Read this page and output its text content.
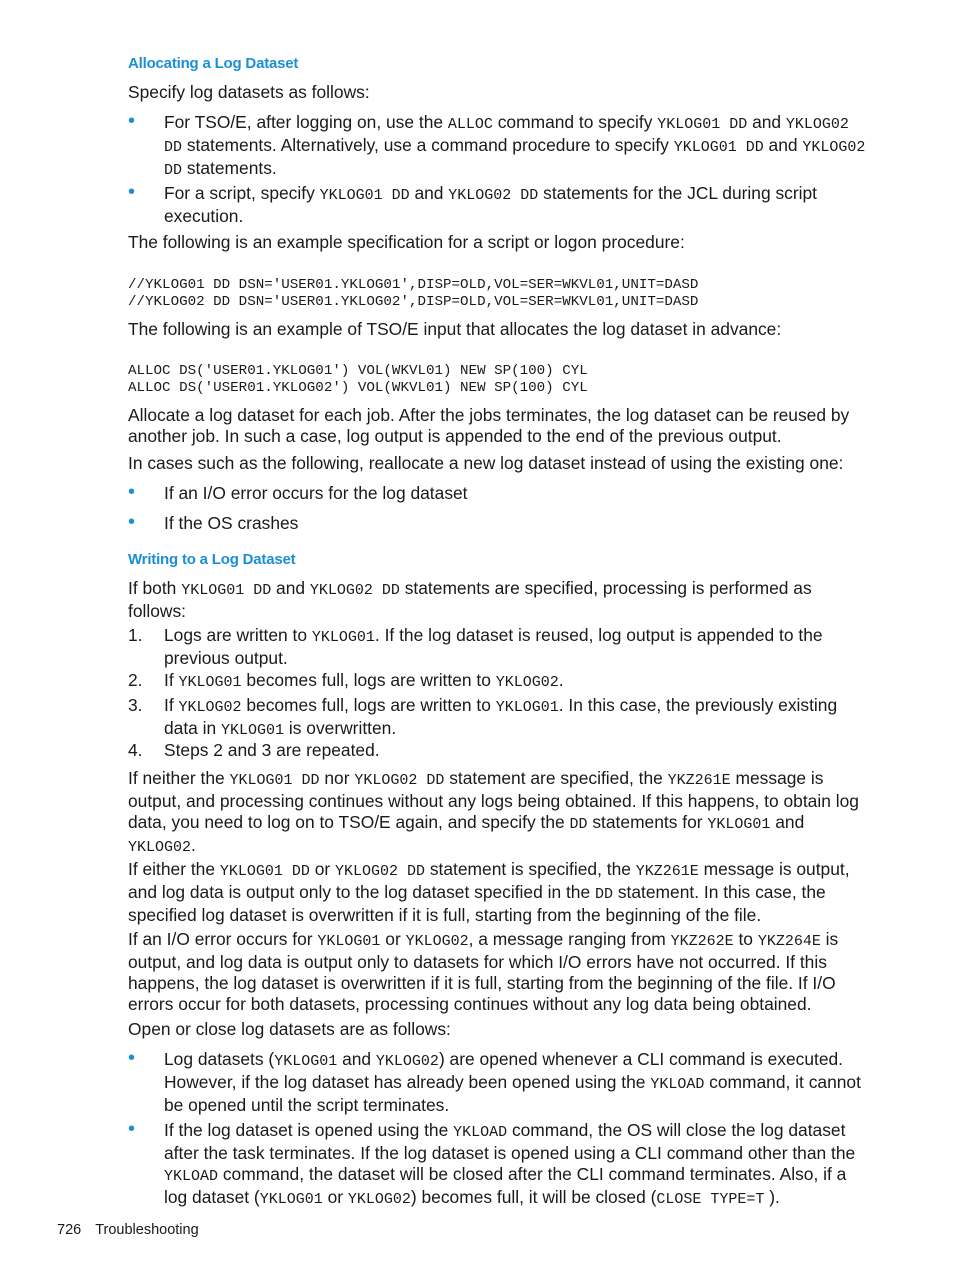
Allocating a Log Dataset
Specify log datasets as follows:
• For TSO/E, after logging on, use the ALLOC command to specify YKLOG01 DD and YKLOG02 DD statements. Alternatively, use a command procedure to specify YKLOG01 DD and YKLOG02 DD statements.
• For a script, specify YKLOG01 DD and YKLOG02 DD statements for the JCL during script execution.
The following is an example specification for a script or logon procedure:
//YKLOG01 DD DSN='USER01.YKLOG01',DISP=OLD,VOL=SER=WKVL01,UNIT=DASD
//YKLOG02 DD DSN='USER01.YKLOG02',DISP=OLD,VOL=SER=WKVL01,UNIT=DASD
The following is an example of TSO/E input that allocates the log dataset in advance:
ALLOC DS('USER01.YKLOG01') VOL(WKVL01) NEW SP(100) CYL
ALLOC DS('USER01.YKLOG02') VOL(WKVL01) NEW SP(100) CYL
Allocate a log dataset for each job. After the jobs terminates, the log dataset can be reused by another job. In such a case, log output is appended to the end of the previous output.
In cases such as the following, reallocate a new log dataset instead of using the existing one:
• If an I/O error occurs for the log dataset
• If the OS crashes
Writing to a Log Dataset
If both YKLOG01 DD and YKLOG02 DD statements are specified, processing is performed as follows:
1. Logs are written to YKLOG01. If the log dataset is reused, log output is appended to the previous output.
2. If YKLOG01 becomes full, logs are written to YKLOG02.
3. If YKLOG02 becomes full, logs are written to YKLOG01. In this case, the previously existing data in YKLOG01 is overwritten.
4. Steps 2 and 3 are repeated.
If neither the YKLOG01 DD nor YKLOG02 DD statement are specified, the YKZ261E message is output, and processing continues without any logs being obtained. If this happens, to obtain log data, you need to log on to TSO/E again, and specify the DD statements for YKLOG01 and YKLOG02.
If either the YKLOG01 DD or YKLOG02 DD statement is specified, the YKZ261E message is output, and log data is output only to the log dataset specified in the DD statement. In this case, the specified log dataset is overwritten if it is full, starting from the beginning of the file.
If an I/O error occurs for YKLOG01 or YKLOG02, a message ranging from YKZ262E to YKZ264E is output, and log data is output only to datasets for which I/O errors have not occurred. If this happens, the log dataset is overwritten if it is full, starting from the beginning of the file. If I/O errors occur for both datasets, processing continues without any log data being obtained.
Open or close log datasets are as follows:
• Log datasets (YKLOG01 and YKLOG02) are opened whenever a CLI command is executed. However, if the log dataset has already been opened using the YKLOAD command, it cannot be opened until the script terminates.
• If the log dataset is opened using the YKLOAD command, the OS will close the log dataset after the task terminates. If the log dataset is opened using a CLI command other than the YKLOAD command, the dataset will be closed after the CLI command terminates. Also, if a log dataset (YKLOG01 or YKLOG02) becomes full, it will be closed (CLOSE TYPE=T ).
726 Troubleshooting
